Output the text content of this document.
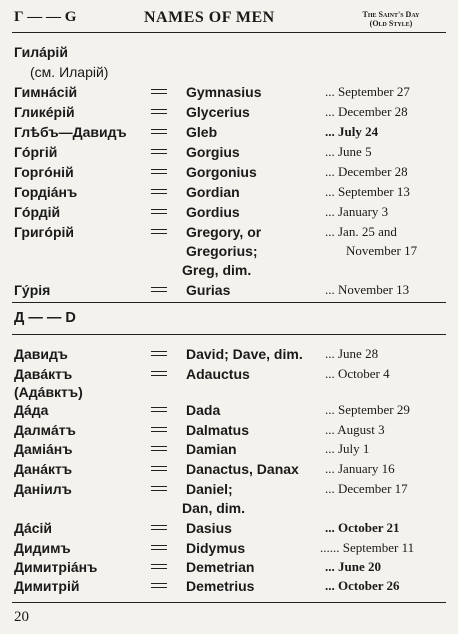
Г — — G	NAMES OF MEN	The Saint's Day
(Old Style)
Гилáрій
(см. Иларій)
Гимнáсій	Gymnasius	... September 27
Гликéрій	Glycerius	... December 28
Глѣбъ—Давидъ	Gleb	... July 24
Гóргій	Gorgius	... June 5
Горгóній	Gorgonius	... December 28
Гордіáнъ	Gordian	... September 13
Гóрдій	Gordius	... January 3
Григóрій	Gregory, or	... Jan. 25 and
Gregorius;	November 17
Greg, dim.
Гýрія	Gurias	... November 13
Д — — D
Давидъ	David; Dave, dim. ... June 28
Давáктъ	Adauctus	... October 4
(Адáвктъ)
Дáда	Dada	... September 29
Далмáтъ	Dalmatus	... August 3
Даміáнъ	Damian	... July 1
Данáктъ	Danactus, Danax ... January 16
Даніилъ	Daniel;	... December 17
Dan, dim.
Дáсій	Dasius	... October 21
Дидимъ	Didymus	...... September 11
Димитріáнъ	Demetrian	... June 20
Димитрій	Demetrius	... October 26
20
